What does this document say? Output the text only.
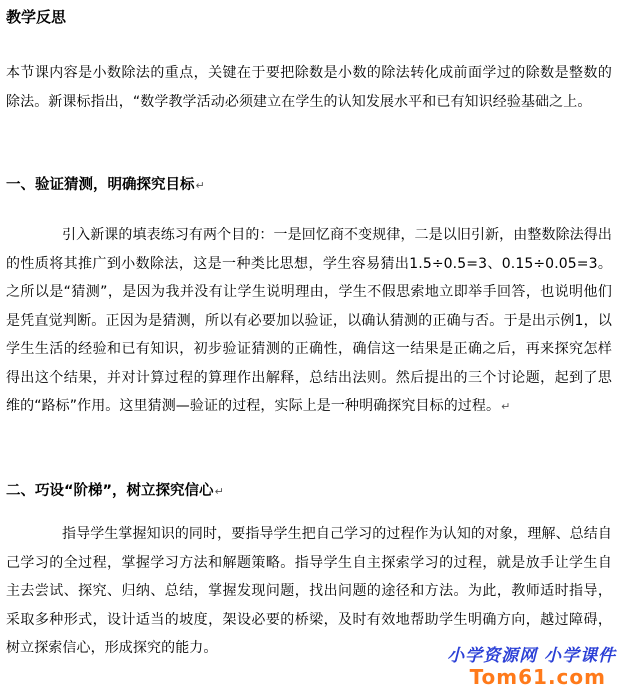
教学反思
本节课内容是小数除法的重点，关键在于要把除数是小数的除法转化成前面学过的除数是整数的除法。新课标指出，“数学教学活动必须建立在学生的认知发展水平和已有知识经验基础之上。
一、验证猜测，明确探究目标↵
引入新课的填表练习有两个目的：一是回忆商不变规律，二是以旧引新，由整数除法得出的性质将其推广到小数除法，这是一种类比思想，学生容易猜出1.5÷0.5=3、0.15÷0.05=3。之所以是“猜测”，是因为我并没有让学生说明理由，学生不假思索地立即举手回答，也说明他们是凭直觉判断。正因为是猜测，所以有必要加以验证，以确认猜测的正确与否。于是出示例1，以学生生活的经验和已有知识，初步验证猜测的正确性，确信这一结果是正确之后，再来探究怎样得出这个结果，并对计算过程的算理作出解释，总结出法则。然后提出的三个讨论题，起到了思维的“路标”作用。这里猜测—验证的过程，实际上是一种明确探究目标的过程。↵
二、巧设“阶梯”，树立探究信心↵
指导学生掌握知识的同时，要指导学生把自己学习的过程作为认知的对象，理解、总结自己学习的全过程，掌握学习方法和解题策略。指导学生自主探索学习的过程，就是放手让学生自主去尝试、探究、归纳、总结，掌握发现问题，找出问题的途径和方法。为此，教师适时指导，采取多种形式，设计适当的坡度，架设必要的桥梁，及时有效地帮助学生明确方向，越过障碍，树立探索信心，形成探究的能力。	小学资源网 小学课件
Tom61.com
